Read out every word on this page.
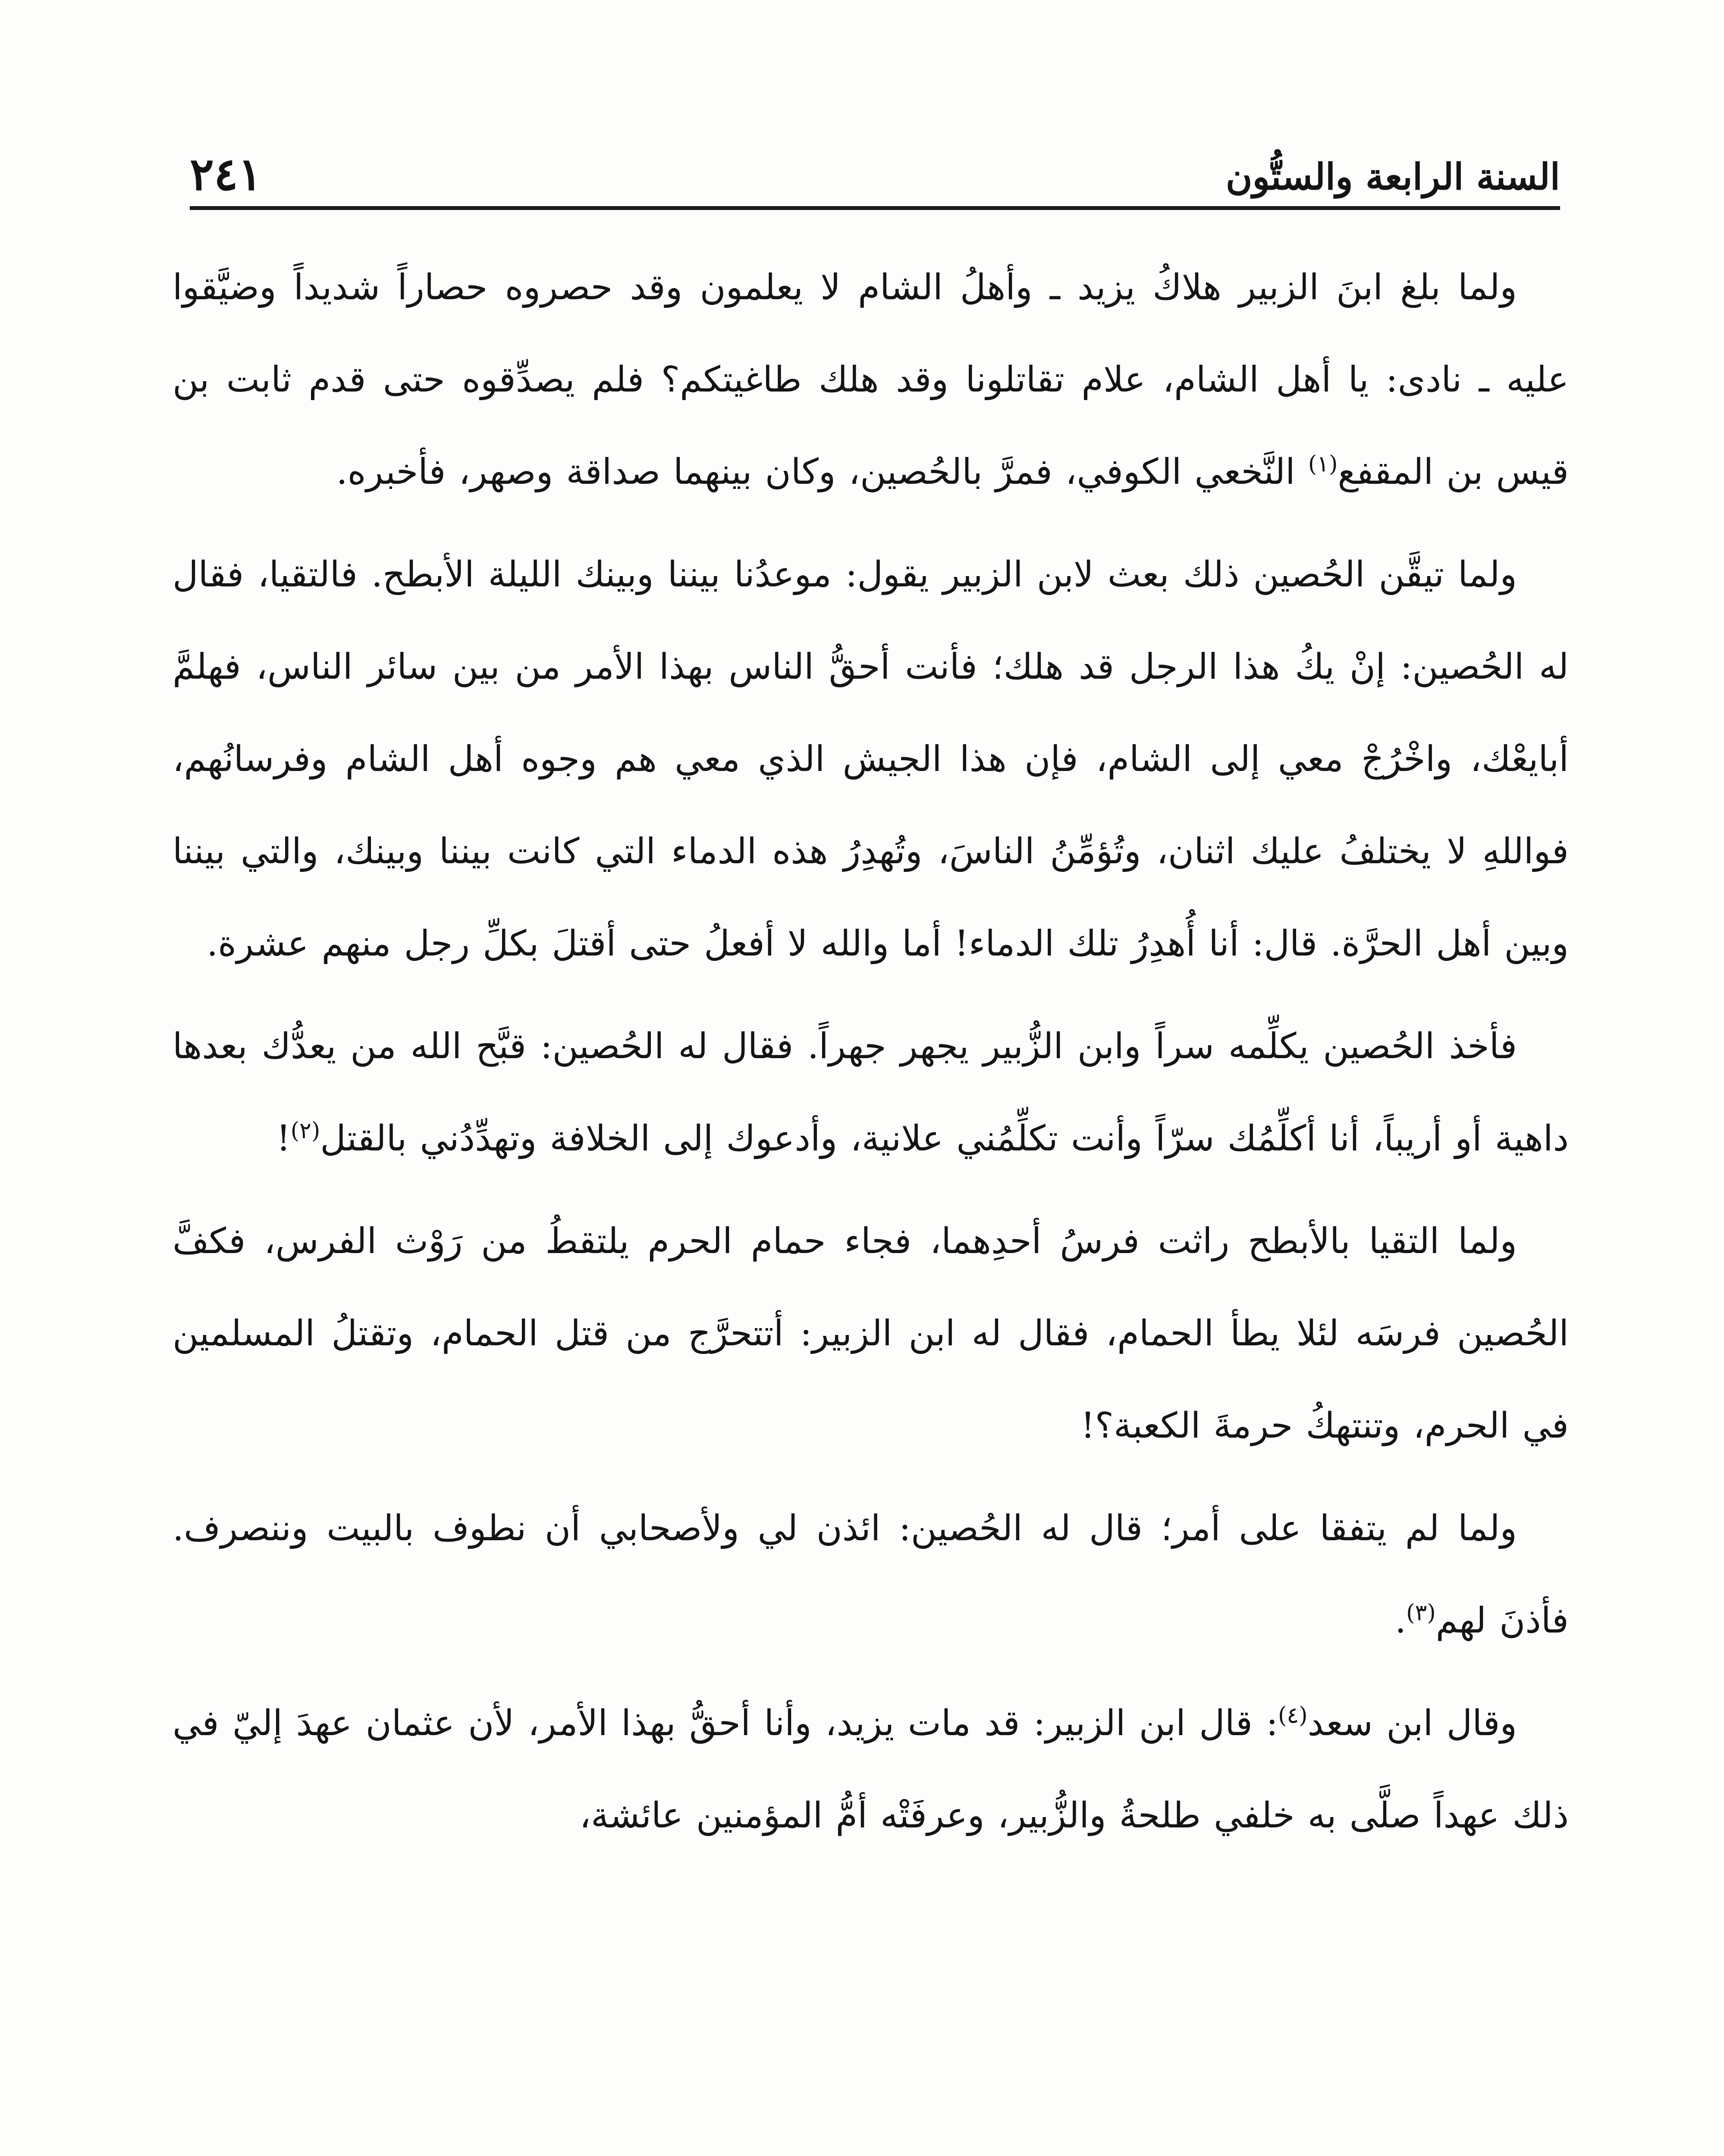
السنة الرابعة والستُّون
٢٤١

ولما بلغ ابنَ الزبير هلاكُ يزيد ـ وأهلُ الشام لا يعلمون وقد حصروه حصاراً شديداً وضيَّقوا عليه ـ نادى: يا أهل الشام، علام تقاتلونا وقد هلك طاغيتكم؟ فلم يصدِّقوه حتى قدم ثابت بن قيس بن المقفع$^{(١)}$ النَّخعي الكوفي، فمرَّ بالحُصين، وكان بينهما صداقة وصهر، فأخبره.

ولما تيقَّن الحُصين ذلك بعث لابن الزبير يقول: موعدُنا بيننا وبينك الليلة الأبطح. فالتقيا، فقال له الحُصين: إنْ يكُ هذا الرجل قد هلك؛ فأنت أحقُّ الناس بهذا الأمر من بين سائر الناس، فهلمَّ أبايعْك، واخْرُجْ معي إلى الشام، فإن هذا الجيش الذي معي هم وجوه أهل الشام وفرسانُهم، فواللهِ لا يختلفُ عليك اثنان، وتُؤمِّنُ الناسَ، وتُهدِرُ هذه الدماء التي كانت بيننا وبينك، والتي بيننا وبين أهل الحرَّة. قال: أنا أُهدِرُ تلك الدماء! أما والله لا أفعلُ حتى أقتلَ بكلِّ رجل منهم عشرة.

فأخذ الحُصين يكلِّمه سراً وابن الزُّبير يجهر جهراً. فقال له الحُصين: قبَّح الله من يعدُّك بعدها داهية أو أريباً، أنا أكلِّمُك سرّاً وأنت تكلِّمُني علانية، وأدعوك إلى الخلافة وتهدِّدُني بالقتل$^{(٢)}$!

ولما التقيا بالأبطح راثت فرسُ أحدِهما، فجاء حمام الحرم يلتقطُ من رَوْث الفرس، فكفَّ الحُصين فرسَه لئلا يطأ الحمام، فقال له ابن الزبير: أتتحرَّج من قتل الحمام، وتقتلُ المسلمين في الحرم، وتنتهكُ حرمةَ الكعبة؟!

ولما لم يتفقا على أمر؛ قال له الحُصين: ائذن لي ولأصحابي أن نطوف بالبيت وننصرف. فأذنَ لهم$^{(٣)}$.

وقال ابن سعد$^{(٤)}$: قال ابن الزبير: قد مات يزيد، وأنا أحقُّ بهذا الأمر، لأن عثمان عهدَ إليّ في ذلك عهداً صلَّى به خلفي طلحةُ والزُّبير، وعرفَتْه أمُّ المؤمنين عائشة،
